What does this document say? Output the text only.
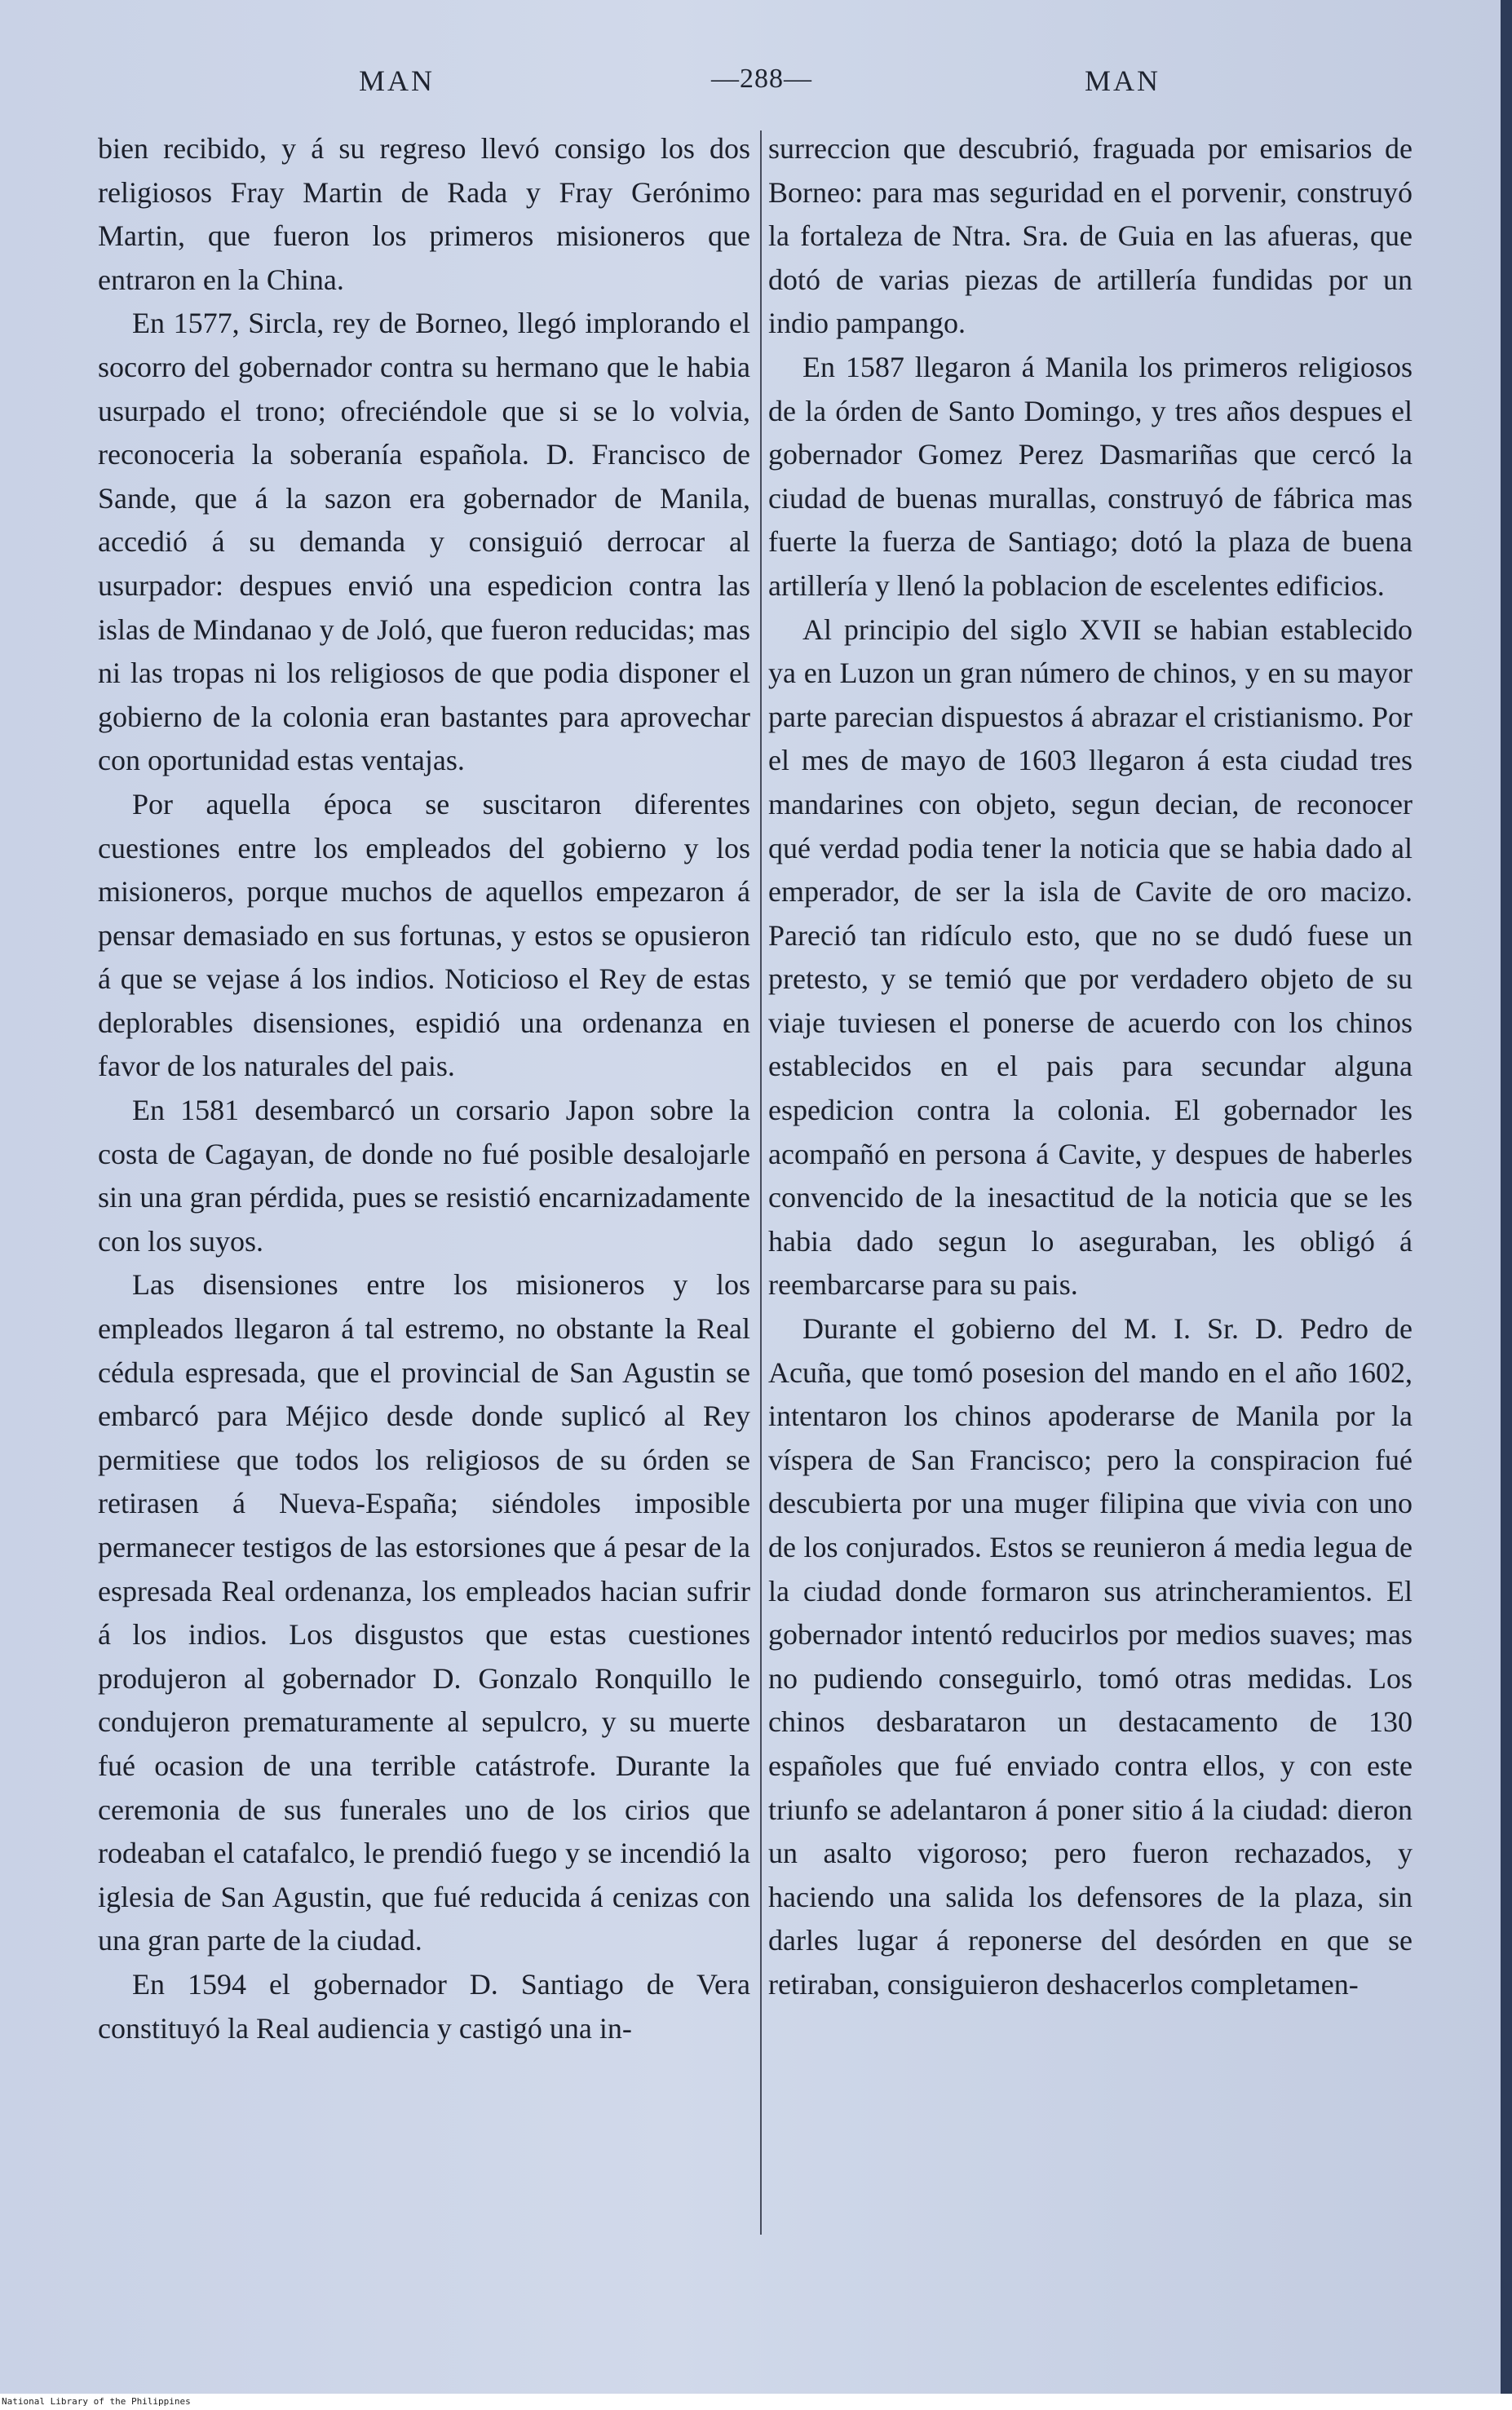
MAN	—288—	MAN

bien recibido, y á su regreso llevó consigo los dos religiosos Fray Martin de Rada y Fray Gerónimo Martin, que fueron los primeros misioneros que entraron en la China.

En 1577, Sircla, rey de Borneo, llegó implorando el socorro del gobernador contra su hermano que le habia usurpado el trono; ofreciéndole que si se lo volvia, reconoceria la soberanía española. D. Francisco de Sande, que á la sazon era gobernador de Manila, accedió á su demanda y consiguió derrocar al usurpador: despues envió una espedicion contra las islas de Mindanao y de Joló, que fueron reducidas; mas ni las tropas ni los religiosos de que podia disponer el gobierno de la colonia eran bastantes para aprovechar con oportunidad estas ventajas.

Por aquella época se suscitaron diferentes cuestiones entre los empleados del gobierno y los misioneros, porque muchos de aquellos empezaron á pensar demasiado en sus fortunas, y estos se opusieron á que se vejase á los indios. Noticioso el Rey de estas deplorables disensiones, espidió una ordenanza en favor de los naturales del pais.

En 1581 desembarcó un corsario Japon sobre la costa de Cagayan, de donde no fué posible desalojarle sin una gran pérdida, pues se resistió encarnizadamente con los suyos.

Las disensiones entre los misioneros y los empleados llegaron á tal estremo, no obstante la Real cédula espresada, que el provincial de San Agustin se embarcó para Méjico desde donde suplicó al Rey permitiese que todos los religiosos de su órden se retirasen á Nueva-España; siéndoles imposible permanecer testigos de las estorsiones que á pesar de la espresada Real ordenanza, los empleados hacian sufrir á los indios. Los disgustos que estas cuestiones produjeron al gobernador D. Gonzalo Ronquillo le condujeron prematuramente al sepulcro, y su muerte fué ocasion de una terrible catástrofe. Durante la ceremonia de sus funerales uno de los cirios que rodeaban el catafalco, le prendió fuego y se incendió la iglesia de San Agustin, que fué reducida á cenizas con una gran parte de la ciudad.

En 1594 el gobernador D. Santiago de Vera constituyó la Real audiencia y castigó una in-

surreccion que descubrió, fraguada por emisarios de Borneo: para mas seguridad en el porvenir, construyó la fortaleza de Ntra. Sra. de Guia en las afueras, que dotó de varias piezas de artillería fundidas por un indio pampango.

En 1587 llegaron á Manila los primeros religiosos de la órden de Santo Domingo, y tres años despues el gobernador Gomez Perez Dasmariñas que cercó la ciudad de buenas murallas, construyó de fábrica mas fuerte la fuerza de Santiago; dotó la plaza de buena artillería y llenó la poblacion de escelentes edificios.

Al principio del siglo XVII se habian establecido ya en Luzon un gran número de chinos, y en su mayor parte parecian dispuestos á abrazar el cristianismo. Por el mes de mayo de 1603 llegaron á esta ciudad tres mandarines con objeto, segun decian, de reconocer qué verdad podia tener la noticia que se habia dado al emperador, de ser la isla de Cavite de oro macizo. Pareció tan ridículo esto, que no se dudó fuese un pretesto, y se temió que por verdadero objeto de su viaje tuviesen el ponerse de acuerdo con los chinos establecidos en el pais para secundar alguna espedicion contra la colonia. El gobernador les acompañó en persona á Cavite, y despues de haberles convencido de la inesactitud de la noticia que se les habia dado segun lo aseguraban, les obligó á reembarcarse para su pais.

Durante el gobierno del M. I. Sr. D. Pedro de Acuña, que tomó posesion del mando en el año 1602, intentaron los chinos apoderarse de Manila por la víspera de San Francisco; pero la conspiracion fué descubierta por una muger filipina que vivia con uno de los conjurados. Estos se reunieron á media legua de la ciudad donde formaron sus atrincheramientos. El gobernador intentó reducirlos por medios suaves; mas no pudiendo conseguirlo, tomó otras medidas. Los chinos desbarataron un destacamento de 130 españoles que fué enviado contra ellos, y con este triunfo se adelantaron á poner sitio á la ciudad: dieron un asalto vigoroso; pero fueron rechazados, y haciendo una salida los defensores de la plaza, sin darles lugar á reponerse del desórden en que se retiraban, consiguieron deshacerlos completamen-

National Library of the Philippines
